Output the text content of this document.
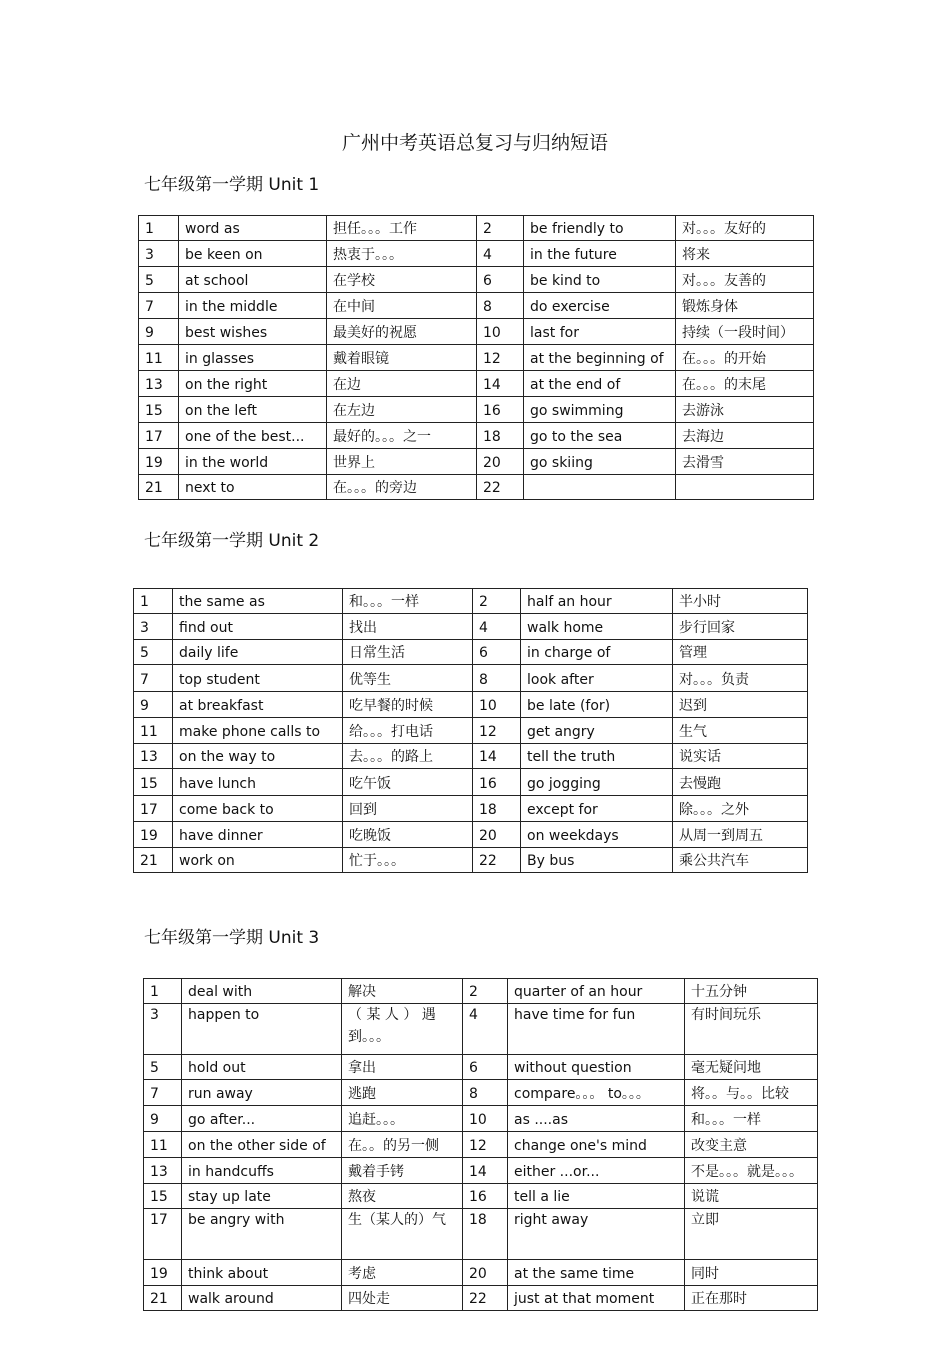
广州中考英语总复习与归纳短语
七年级第一学期 Unit 1
1	word as	担任。。。工作	2	be friendly to	对。。。友好的
3	be keen on	热衷于。。。	4	in the future	将来
5	at school	在学校	6	be kind to	对。。。友善的
7	in the middle	在中间	8	do exercise	锻炼身体
9	best wishes	最美好的祝愿	10	last for	持续（一段时间）
11	in glasses	戴着眼镜	12	at the beginning of	在。。。的开始
13	on the right	在边	14	at the end of	在。。。的末尾
15	on the left	在左边	16	go swimming	去游泳
17	one of the best...	最好的。。。之一	18	go to the sea	去海边
19	in the world	世界上	20	go skiing	去滑雪
21	next to	在。。。的旁边	22		
七年级第一学期 Unit 2
1	the same as	和。。。一样	2	half an hour	半小时
3	find out	找出	4	walk home	步行回家
5	daily life	日常生活	6	in charge of	管理
7	top student	优等生	8	look after	对。。。负责
9	at breakfast	吃早餐的时候	10	be late (for)	迟到
11	make phone calls to	给。。。打电话	12	get angry	生气
13	on the way to	去。。。的路上	14	tell the truth	说实话
15	have lunch	吃午饭	16	go jogging	去慢跑
17	come back to	回到	18	except for	除。。。之外
19	have dinner	吃晚饭	20	on weekdays	从周一到周五
21	work on	忙于。。。	22	By bus	乘公共汽车
七年级第一学期 Unit 3
1	deal with	解决	2	quarter of an hour	十五分钟
3	happen to	（ 某 人 ） 遇到。。。	4	have time for fun	有时间玩乐
5	hold out	拿出	6	without question	毫无疑问地
7	run away	逃跑	8	compare。。。 to。。。	将。。与。。比较
9	go after...	追赶。。。	10	as ....as	和。。。一样
11	on the other side of	在。。的另一侧	12	change one's mind	改变主意
13	in handcuffs	戴着手铐	14	either ...or...	不是。。。就是。。。
15	stay up late	熬夜	16	tell a lie	说谎
17	be angry with	生（某人的）气	18	right away	立即
19	think about	考虑	20	at the same time	同时
21	walk around	四处走	22	just at that moment	正在那时
